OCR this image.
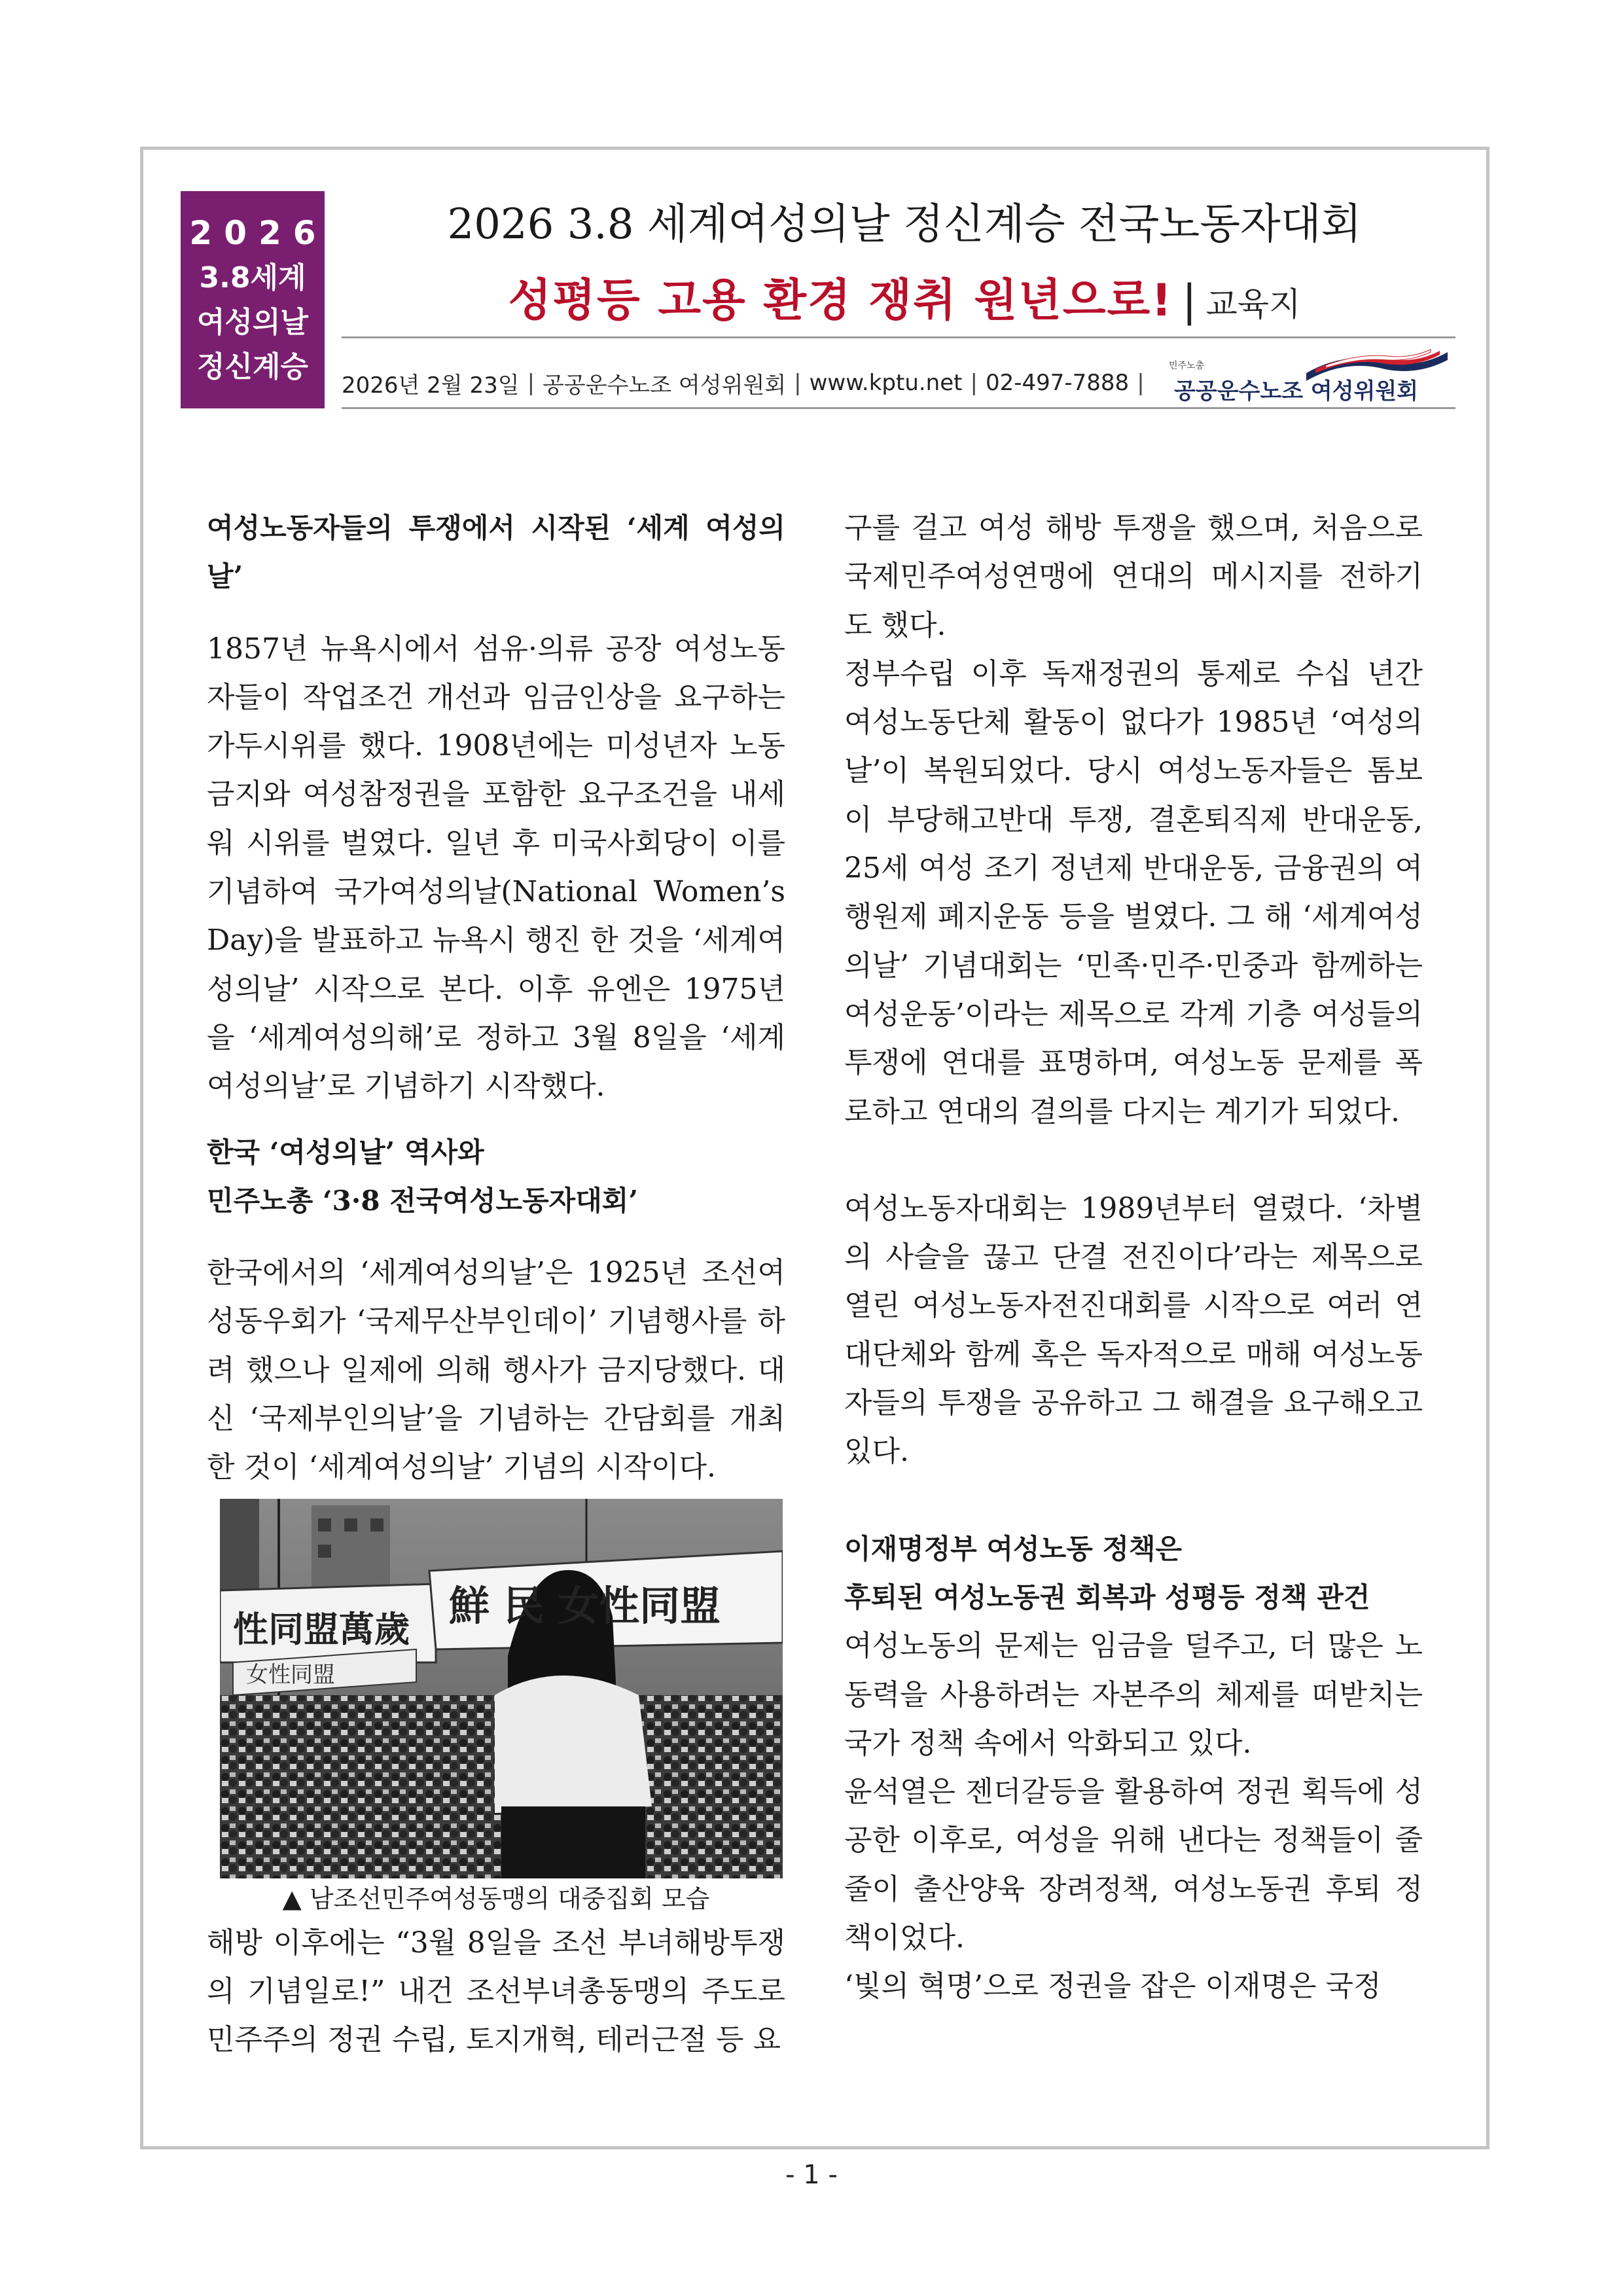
2026
3.8세계
여성의날
정신계승
2026 3.8 세계여성의날 정신계승 전국노동자대회
성평등 고용 환경 쟁취 원년으로! | 교육지
2026년 2월 23일 | 공공운수노조 여성위원회 | www.kptu.net | 02-497-7888 |
민주노총
공공운수노조 여성위원회

여성노동자들의 투쟁에서 시작된 ‘세계 여성의 날’

1857년 뉴욕시에서 섬유·의류 공장 여성노동자들이 작업조건 개선과 임금인상을 요구하는 가두시위를 했다. 1908년에는 미성년자 노동금지와 여성참정권을 포함한 요구조건을 내세워 시위를 벌였다. 일년 후 미국사회당이 이를 기념하여 국가여성의날(National Women’s Day)을 발표하고 뉴욕시 행진 한 것을 ‘세계여성의날’ 시작으로 본다. 이후 유엔은 1975년을 ‘세계여성의해’로 정하고 3월 8일을 ‘세계여성의날’로 기념하기 시작했다.

한국 ‘여성의날’ 역사와

민주노총 ‘3·8 전국여성노동자대회’

한국에서의 ‘세계여성의날’은 1925년 조선여성동우회가 ‘국제무산부인데이’ 기념행사를 하려 했으나 일제에 의해 행사가 금지당했다. 대신 ‘국제부인의날’을 기념하는 간담회를 개최한 것이 ‘세계여성의날’ 기념의 시작이다.

性同盟萬歲
女性同盟
鮮 民 女性同盟

▲ 남조선민주여성동맹의 대중집회 모습

해방 이후에는 “3월 8일을 조선 부녀해방투쟁의 기념일로!” 내건 조선부녀총동맹의 주도로 민주주의 정권 수립, 토지개혁, 테러근절 등 요

구를 걸고 여성 해방 투쟁을 했으며, 처음으로 국제민주여성연맹에 연대의 메시지를 전하기도 했다.

정부수립 이후 독재정권의 통제로 수십 년간 여성노동단체 활동이 없다가 1985년 ‘여성의날’이 복원되었다. 당시 여성노동자들은 톰보이 부당해고반대 투쟁, 결혼퇴직제 반대운동, 25세 여성 조기 정년제 반대운동, 금융권의 여행원제 폐지운동 등을 벌였다. 그 해 ‘세계여성의날’ 기념대회는 ‘민족·민주·민중과 함께하는 여성운동’이라는 제목으로 각계 기층 여성들의 투쟁에 연대를 표명하며, 여성노동 문제를 폭로하고 연대의 결의를 다지는 계기가 되었다.

여성노동자대회는 1989년부터 열렸다. ‘차별의 사슬을 끊고 단결 전진이다’라는 제목으로 열린 여성노동자전진대회를 시작으로 여러 연대단체와 함께 혹은 독자적으로 매해 여성노동자들의 투쟁을 공유하고 그 해결을 요구해오고 있다.

이재명정부 여성노동 정책은

후퇴된 여성노동권 회복과 성평등 정책 관건

여성노동의 문제는 임금을 덜주고, 더 많은 노동력을 사용하려는 자본주의 체제를 떠받치는 국가 정책 속에서 악화되고 있다.

윤석열은 젠더갈등을 활용하여 정권 획득에 성공한 이후로, 여성을 위해 낸다는 정책들이 줄줄이 출산양육 장려정책, 여성노동권 후퇴 정책이었다.

‘빛의 혁명’으로 정권을 잡은 이재명은 국정

- 1 -
